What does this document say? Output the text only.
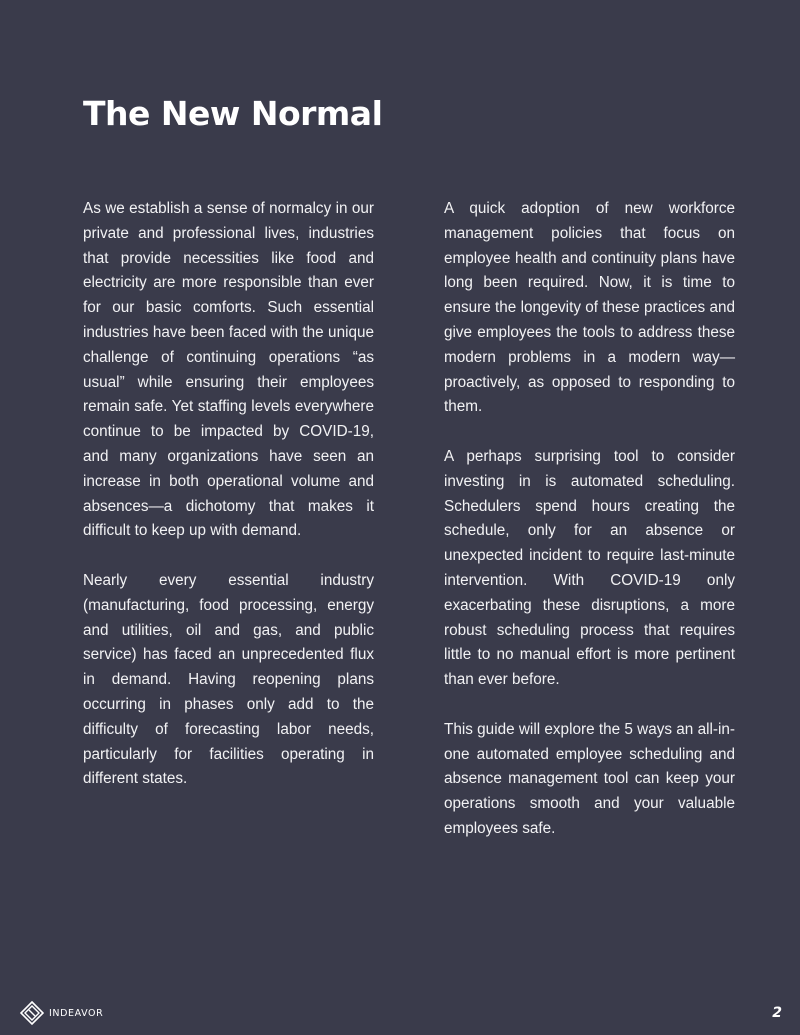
The New Normal

As we establish a sense of normalcy in our private and professional lives, industries that provide necessities like food and electricity are more responsible than ever for our basic comforts. Such essential industries have been faced with the unique challenge of continuing operations “as usual” while ensuring their employees remain safe. Yet staffing levels everywhere continue to be impacted by COVID-19, and many organizations have seen an increase in both operational volume and absences—a dichotomy that makes it difficult to keep up with demand.

Nearly every essential industry (manufacturing, food processing, energy and utilities, oil and gas, and public service) has faced an unprecedented flux in demand. Having reopening plans occurring in phases only add to the difficulty of forecasting labor needs, particularly for facilities operating in different states.

A quick adoption of new workforce management policies that focus on employee health and continuity plans have long been required. Now, it is time to ensure the longevity of these practices and give employees the tools to address these modern problems in a modern way—proactively, as opposed to responding to them.

A perhaps surprising tool to consider investing in is automated scheduling. Schedulers spend hours creating the schedule, only for an absence or unexpected incident to require last-minute intervention. With COVID-19 only exacerbating these disruptions, a more robust scheduling process that requires little to no manual effort is more pertinent than ever before.

This guide will explore the 5 ways an all-in-one automated employee scheduling and absence management tool can keep your operations smooth and your valuable employees safe.

INDEAVOR	2
